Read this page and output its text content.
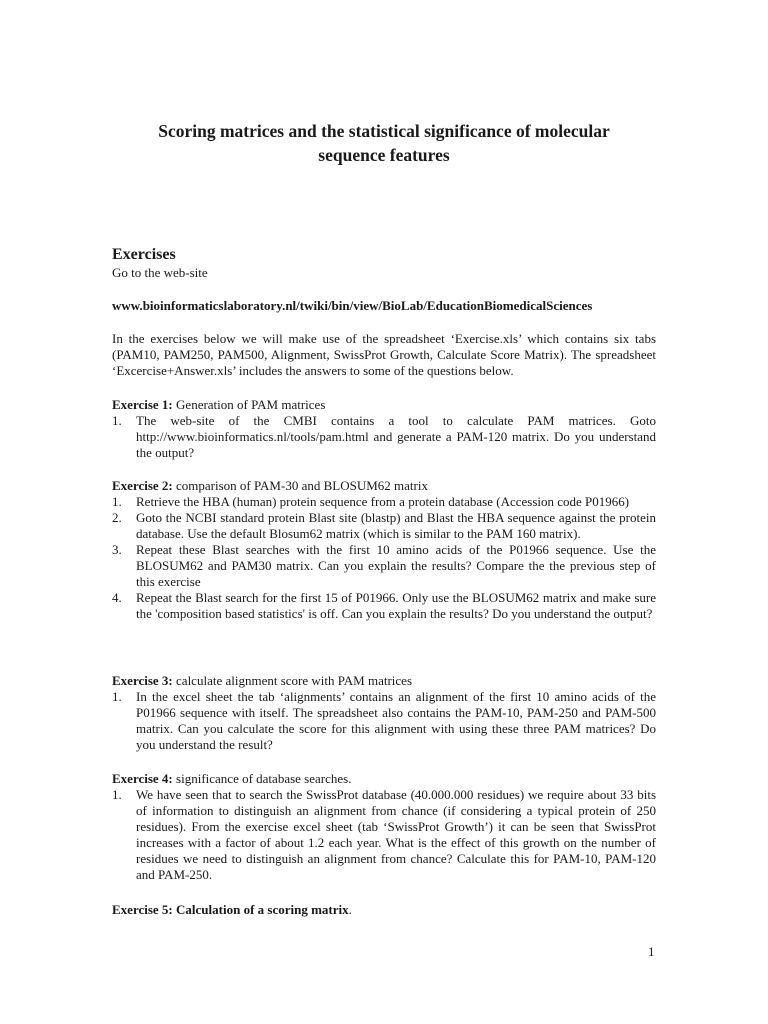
Scoring matrices and the statistical significance of molecular
sequence features
Exercises
Go to the web-site
www.bioinformaticslaboratory.nl/twiki/bin/view/BioLab/EducationBiomedicalSciences
In the exercises below we will make use of the spreadsheet ‘Exercise.xls’ which contains six tabs (PAM10, PAM250, PAM500, Alignment, SwissProt Growth, Calculate Score Matrix). The spreadsheet ‘Excercise+Answer.xls’ includes the answers to some of the questions below.
Exercise 1: Generation of PAM matrices
1. The web-site of the CMBI contains a tool to calculate PAM matrices. Goto http://www.bioinformatics.nl/tools/pam.html and generate a PAM-120 matrix. Do you understand the output?
Exercise 2: comparison of PAM-30 and BLOSUM62 matrix
1. Retrieve the HBA (human) protein sequence from a protein database (Accession code P01966)
2. Goto the NCBI standard protein Blast site (blastp) and Blast the HBA sequence against the protein database. Use the default Blosum62 matrix (which is similar to the PAM 160 matrix).
3. Repeat these Blast searches with the first 10 amino acids of the P01966 sequence. Use the BLOSUM62 and PAM30 matrix. Can you explain the results? Compare the the previous step of this exercise
4. Repeat the Blast search for the first 15 of P01966. Only use the BLOSUM62 matrix and make sure the 'composition based statistics' is off. Can you explain the results? Do you understand the output?
Exercise 3: calculate alignment score with PAM matrices
1. In the excel sheet the tab ‘alignments’ contains an alignment of the first 10 amino acids of the P01966 sequence with itself. The spreadsheet also contains the PAM-10, PAM-250 and PAM-500 matrix. Can you calculate the score for this alignment with using these three PAM matrices? Do you understand the result?
Exercise 4: significance of database searches.
1. We have seen that to search the SwissProt database (40.000.000 residues) we require about 33 bits of information to distinguish an alignment from chance (if considering a typical protein of 250 residues). From the exercise excel sheet (tab ‘SwissProt Growth’) it can be seen that SwissProt increases with a factor of about 1.2 each year. What is the effect of this growth on the number of residues we need to distinguish an alignment from chance? Calculate this for PAM-10, PAM-120 and PAM-250.
Exercise 5: Calculation of a scoring matrix.
1
